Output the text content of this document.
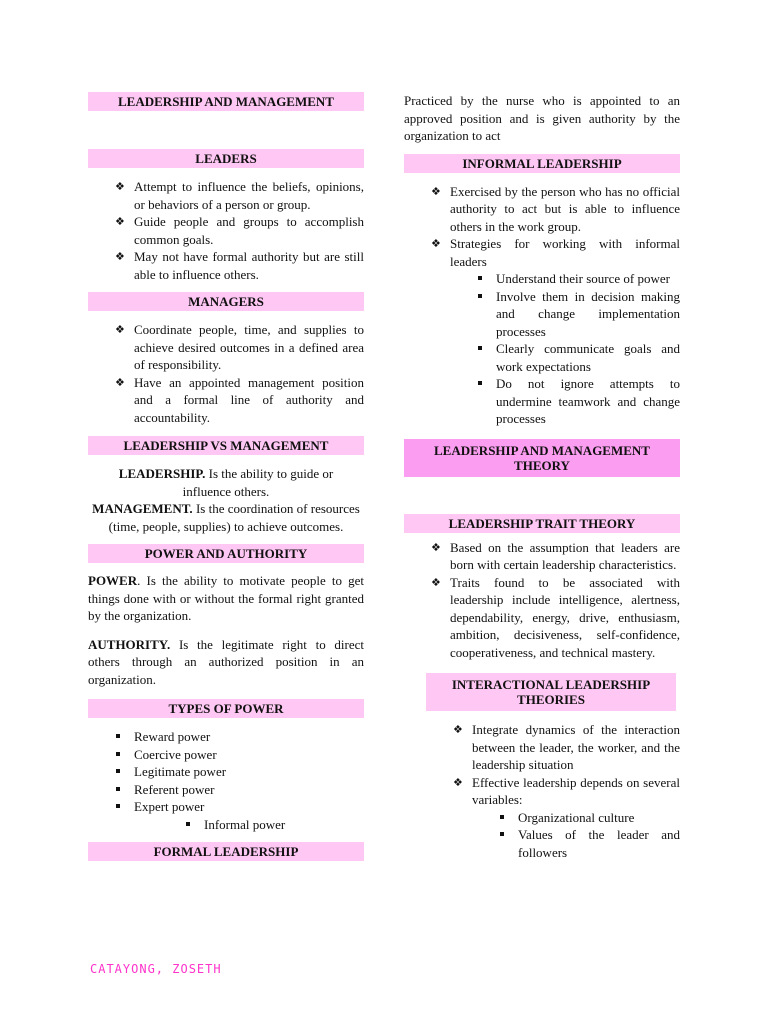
LEADERSHIP AND MANAGEMENT
LEADERS
❖ Attempt to influence the beliefs, opinions, or behaviors of a person or group.
❖ Guide people and groups to accomplish common goals.
❖ May not have formal authority but are still able to influence others.
MANAGERS
❖ Coordinate people, time, and supplies to achieve desired outcomes in a defined area of responsibility.
❖ Have an appointed management position and a formal line of authority and accountability.
LEADERSHIP VS MANAGEMENT

LEADERSHIP. Is the ability to guide or influence others.

MANAGEMENT. Is the coordination of resources (time, people, supplies) to achieve outcomes.

POWER AND AUTHORITY

POWER. Is the ability to motivate people to get things done with or without the formal right granted by the organization.

AUTHORITY. Is the legitimate right to direct others through an authorized position in an organization.

TYPES OF POWER
Reward power
Coercive power
Legitimate power
Referent power
Expert power
Informal power
FORMAL LEADERSHIP

Practiced by the nurse who is appointed to an approved position and is given authority by the organization to act

INFORMAL LEADERSHIP
❖ Exercised by the person who has no official authority to act but is able to influence others in the work group.
❖ Strategies for working with informal leaders
Understand their source of power
Involve them in decision making and change implementation processes
Clearly communicate goals and work expectations
Do not ignore attempts to undermine teamwork and change processes
LEADERSHIP AND MANAGEMENT THEORY
LEADERSHIP TRAIT THEORY
❖ Based on the assumption that leaders are born with certain leadership characteristics.
❖ Traits found to be associated with leadership include intelligence, alertness, dependability, energy, drive, enthusiasm, ambition, decisiveness, self-confidence, cooperativeness, and technical mastery.
INTERACTIONAL LEADERSHIP THEORIES
❖ Integrate dynamics of the interaction between the leader, the worker, and the leadership situation
❖ Effective leadership depends on several variables:
Organizational culture
Values of the leader and followers
CATAYONG, ZOSETH
